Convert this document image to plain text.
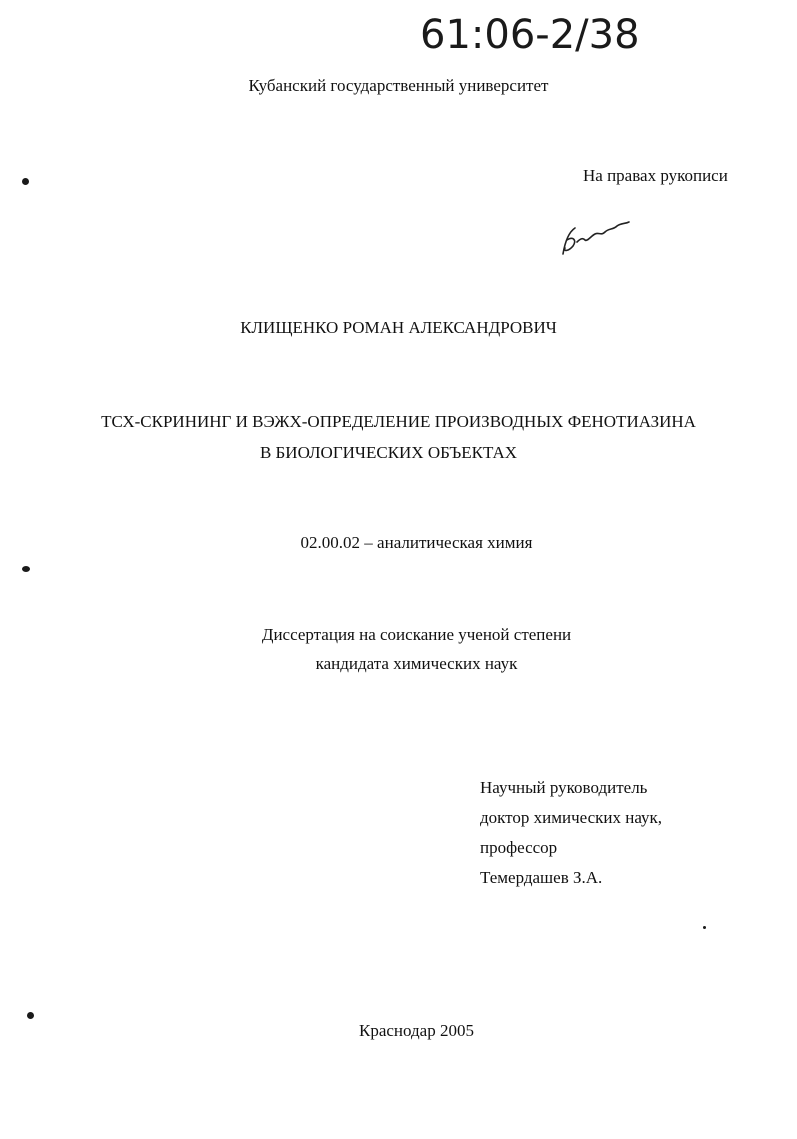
61:06-2/38
Кубанский государственный университет
На правах рукописи
КЛИЩЕНКО РОМАН АЛЕКСАНДРОВИЧ
ТСХ-СКРИНИНГ И ВЭЖХ-ОПРЕДЕЛЕНИЕ ПРОИЗВОДНЫХ ФЕНОТИАЗИНА
В БИОЛОГИЧЕСКИХ ОБЪЕКТАХ
02.00.02 – аналитическая химия
Диссертация на соискание ученой степени
кандидата химических наук
Научный руководитель
доктор химических наук,
профессор
Темердашев З.А.
Краснодар 2005
